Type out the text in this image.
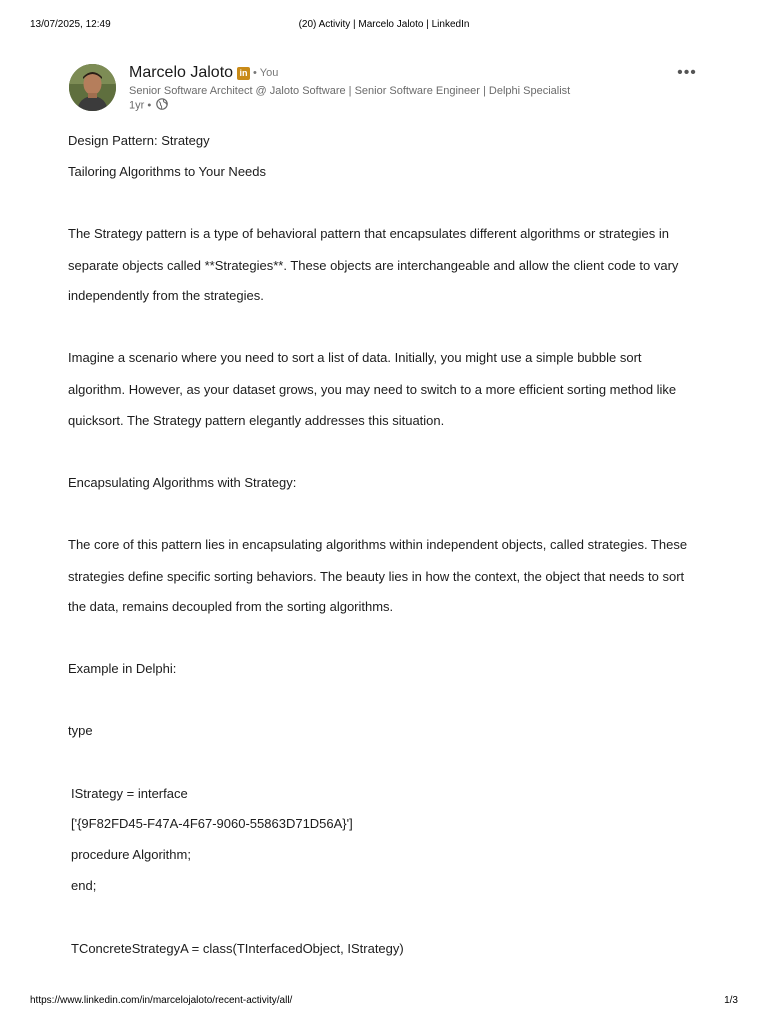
13/07/2025, 12:49	(20) Activity | Marcelo Jaloto | LinkedIn
Marcelo Jaloto in • You
Senior Software Architect @ Jaloto Software | Senior Software Engineer | Delphi Specialist
1yr •
•••
Design Pattern: Strategy
Tailoring Algorithms to Your Needs
The Strategy pattern is a type of behavioral pattern that encapsulates different algorithms or strategies in
separate objects called **Strategies**. These objects are interchangeable and allow the client code to vary
independently from the strategies.
Imagine a scenario where you need to sort a list of data. Initially, you might use a simple bubble sort
algorithm. However, as your dataset grows, you may need to switch to a more efficient sorting method like
quicksort. The Strategy pattern elegantly addresses this situation.
Encapsulating Algorithms with Strategy:
The core of this pattern lies in encapsulating algorithms within independent objects, called strategies. These
strategies define specific sorting behaviors. The beauty lies in how the context, the object that needs to sort
the data, remains decoupled from the sorting algorithms.
Example in Delphi:
type
IStrategy = interface
['{9F82FD45-F47A-4F67-9060-55863D71D56A}']
procedure Algorithm;
end;
TConcreteStrategyA = class(TInterfacedObject, IStrategy)
https://www.linkedin.com/in/marcelojaloto/recent-activity/all/	1/3
